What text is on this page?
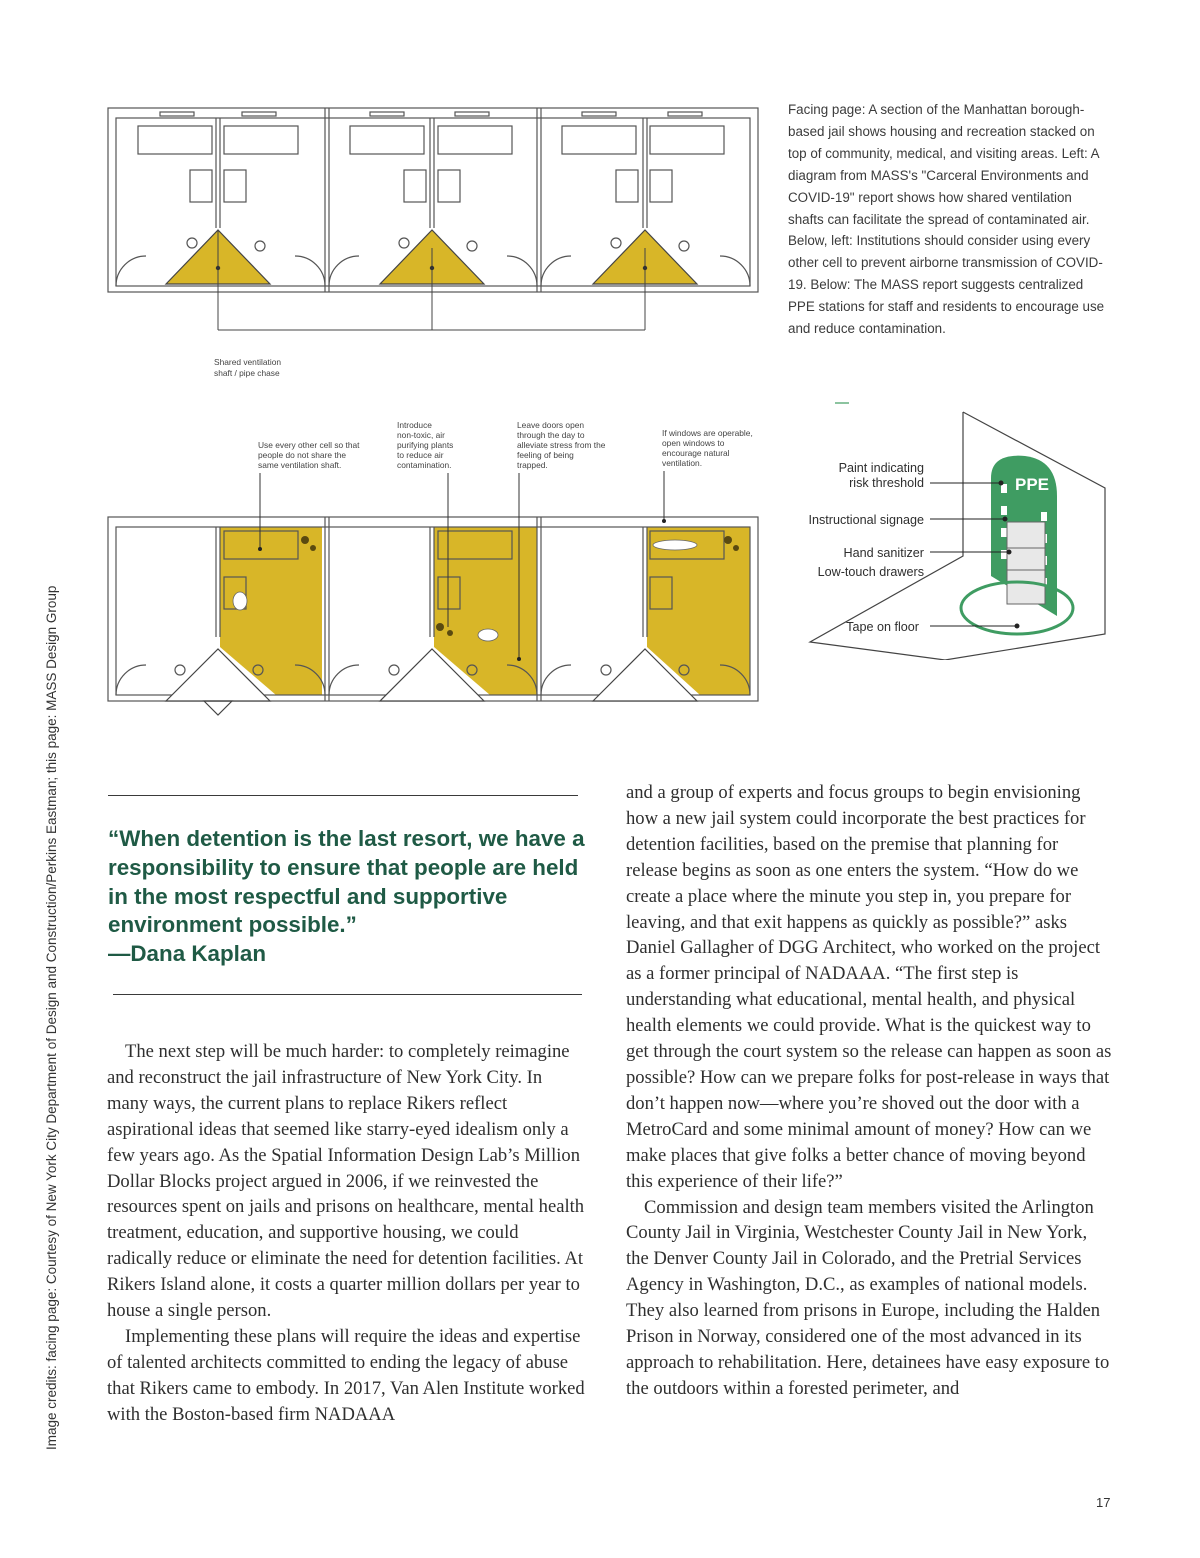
Image credits: facing page: Courtesy of New York City Department of Design and Construction/Perkins Eastman; this page: MASS Design Group
Shared ventilation
shaft / pipe chase
Facing page: A section of the Manhattan borough-based jail shows housing and recreation stacked on top of community, medical, and visiting areas. Left: A diagram from MASS's "Carceral Environments and COVID-19" report shows how shared ventilation shafts can facilitate the spread of contaminated air. Below, left: Institutions should consider using every other cell to prevent airborne transmission of COVID-19. Below: The MASS report suggests centralized PPE stations for staff and residents to encourage use and reduce contamination.
Use every other cell so that
people do not share the
same ventilation shaft.
Introduce
non-toxic, air
purifying plants
to reduce air
contamination.
Leave doors open
through the day to
alleviate stress from the
feeling of being
trapped.
If windows are operable,
open windows to
encourage natural
ventilation.
PPE
Paint indicating
risk threshold
Instructional signage
Hand sanitizer
Low-touch drawers
Tape on floor
“When detention is the last resort, we have a responsibility to ensure that people are held in the most respectful and supportive environment possible.”
—Dana Kaplan

The next step will be much harder: to completely reimagine and reconstruct the jail infrastructure of New York City. In many ways, the current plans to replace Rikers reflect aspirational ideas that seemed like starry-eyed idealism only a few years ago. As the Spatial Information Design Lab’s Million Dollar Blocks project argued in 2006, if we reinvested the resources spent on jails and prisons on healthcare, mental health treatment, education, and supportive housing, we could radically reduce or eliminate the need for detention facilities. At Rikers Island alone, it costs a quarter million dollars per year to house a single person.

Implementing these plans will require the ideas and expertise of talented architects committed to ending the legacy of abuse that Rikers came to embody. In 2017, Van Alen Institute worked with the Boston-based firm NADAAA

and a group of experts and focus groups to begin envisioning how a new jail system could incorporate the best practices for detention facilities, based on the premise that planning for release begins as soon as one enters the system. “How do we create a place where the minute you step in, you prepare for leaving, and that exit happens as quickly as possible?” asks Daniel Gallagher of DGG Architect, who worked on the project as a former principal of NADAAA. “The first step is understanding what educational, mental health, and physical health elements we could provide. What is the quickest way to get through the court system so the release can happen as soon as possible? How can we prepare folks for post-release in ways that don’t happen now—where you’re shoved out the door with a MetroCard and some minimal amount of money? How can we make places that give folks a better chance of moving beyond this experience of their life?”

Commission and design team members visited the Arlington County Jail in Virginia, Westchester County Jail in New York, the Denver County Jail in Colorado, and the Pretrial Services Agency in Washington, D.C., as examples of national models. They also learned from prisons in Europe, including the Halden Prison in Norway, considered one of the most advanced in its approach to rehabilitation. Here, detainees have easy exposure to the outdoors within a forested perimeter, and

17
